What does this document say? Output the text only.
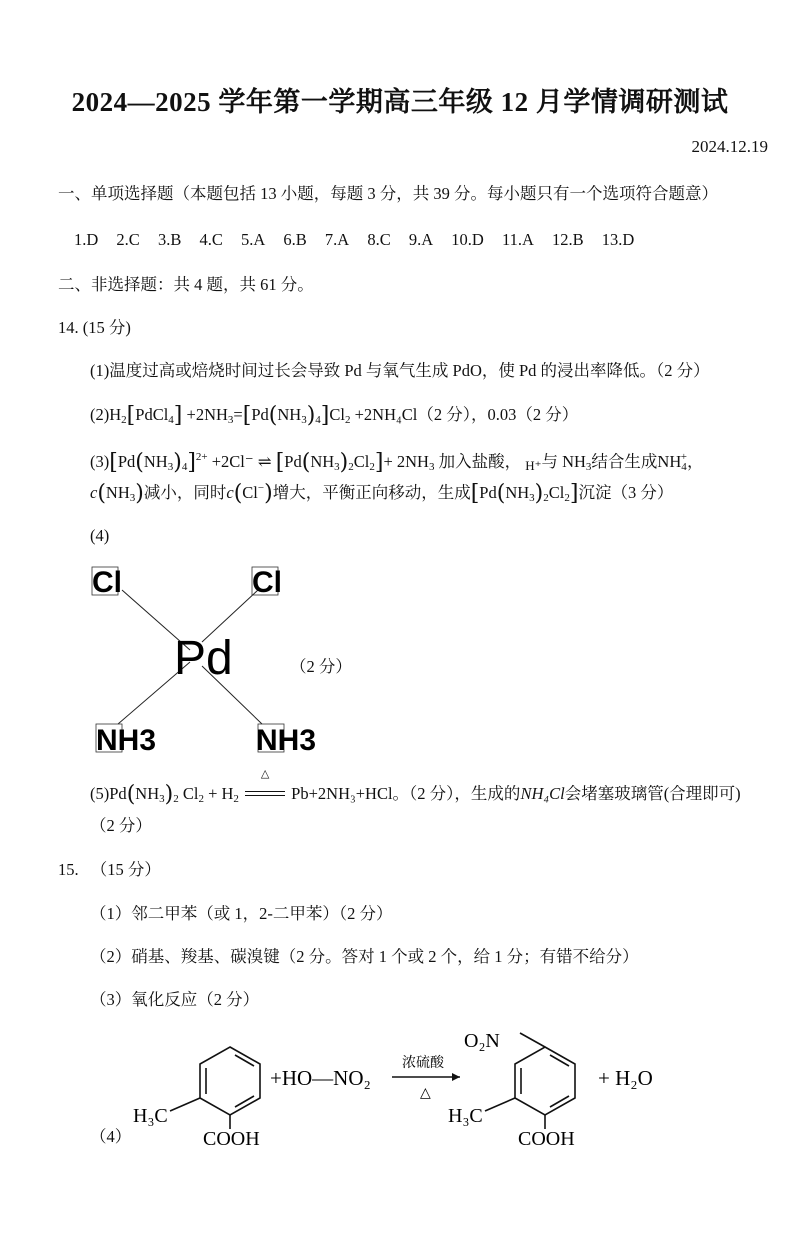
2024—2025 学年第一学期高三年级 12 月学情调研测试
2024.12.19
一、单项选择题（本题包括 13 小题，每题 3 分，共 39 分。每小题只有一个选项符合题意）
1.D 2.C 3.B 4.C 5.A 6.B 7.A 8.C 9.A 10.D 11.A 12.B 13.D
二、非选择题：共 4 题，共 61 分。
14. (15 分)
(1)温度过高或焙烧时间过长会导致 Pd 与氧气生成 PdO，使 Pd 的浸出率降低。（2 分）
$(2)H_2[PdCl_4] +2NH_3=[Pd(NH_3)_4]Cl_2 +2NH_4Cl(2$ 分），0.03（2 分）
$(3)[Pd(NH_3)_4]^{2+} +2Cl^-$ ⇌ $[Pd(NH_3)_2Cl_2]+ 2NH_3$ 加入盐酸， H⁺与 $NH_3$结合生成$NH_4^+$，
$c(NH_3)$减小，同时c(Cl−)增大，平衡正向移动，生成$[Pd(NH_3)_2Cl_2]$沉淀（3 分）
(4)
Cl	Cl
Pd
NH3	NH3
（2 分）
$(5)Pd(NH_3)_2$ $Cl_2 + H_2$
△
Pb+2NH₃+HCl。（2 分），生成的NH₄Cl会堵塞玻璃管(合理即可)
（2 分）
15. （15 分）
（1）邻二甲苯（或 1，2-二甲苯）（2 分）
（2）硝基、羧基、碳溴键（2 分。答对 1 个或 2 个，给 1 分；有错不给分）
（3）氧化反应（2 分）
H₃C
COOH
+HO—NO₂
浓硫酸
△
O₂N
H₃C
COOH
+ H₂O
（4）
